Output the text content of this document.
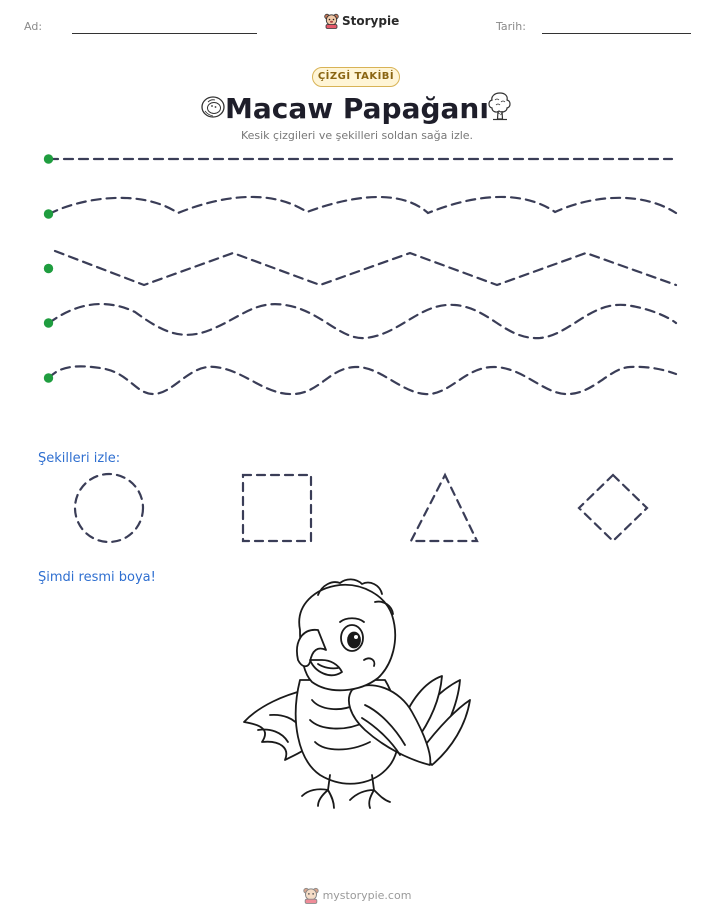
Ad:	Storypie	Tarih:
ÇİZGİ TAKİBİ
Macaw Papağanı
Kesik çizgileri ve şekilleri soldan sağa izle.
Şekilleri izle:
Şimdi resmi boya!
mystorypie.com
